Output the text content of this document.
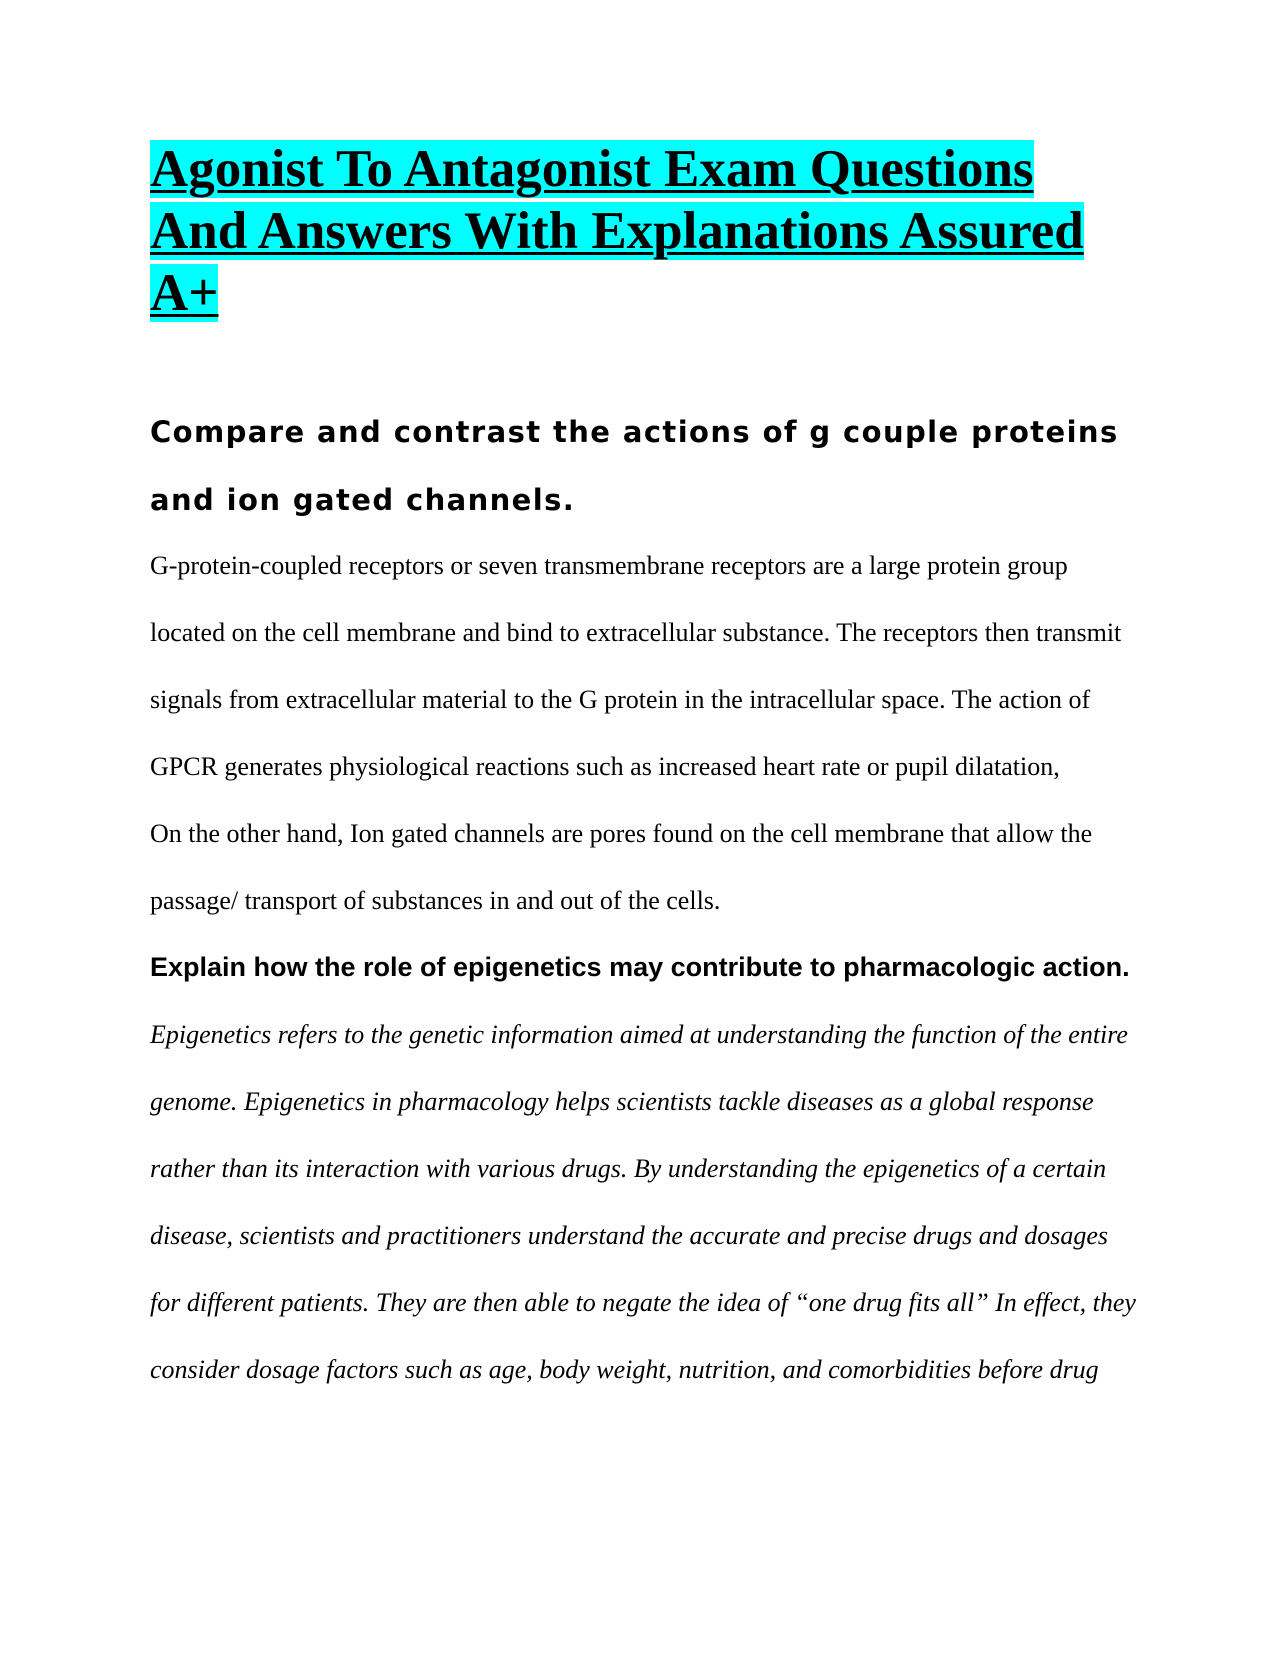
Agonist To Antagonist Exam Questions And Answers With Explanations Assured A+
Compare and contrast the actions of g couple proteins and ion gated channels.

G-protein-coupled receptors or seven transmembrane receptors are a large protein group located on the cell membrane and bind to extracellular substance. The receptors then transmit signals from extracellular material to the G protein in the intracellular space. The action of GPCR generates physiological reactions such as increased heart rate or pupil dilatation,

On the other hand, Ion gated channels are pores found on the cell membrane that allow the passage/ transport of substances in and out of the cells.

Explain how the role of epigenetics may contribute to pharmacologic action. Epigenetics refers to the genetic information aimed at understanding the function of the entire genome. Epigenetics in pharmacology helps scientists tackle diseases as a global response rather than its interaction with various drugs. By understanding the epigenetics of a certain disease, scientists and practitioners understand the accurate and precise drugs and dosages for different patients. They are then able to negate the idea of “one drug fits all” In effect, they consider dosage factors such as age, body weight, nutrition, and comorbidities before drug
